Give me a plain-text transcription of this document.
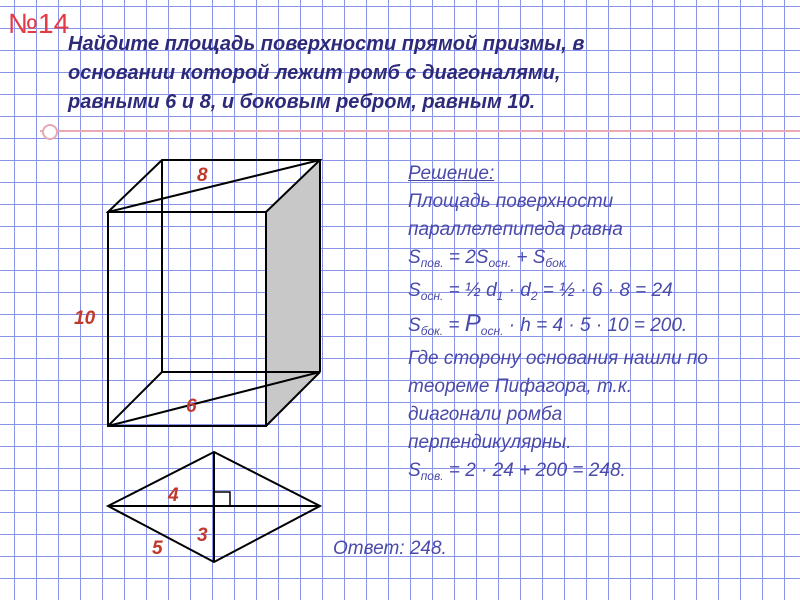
№14
Найдите площадь поверхности прямой призмы, в
основании которой лежит ромб с диагоналями,
равными 6 и 8, и боковым ребром, равным 10.
8
10
6
4
3
5
Решение:
Площадь поверхности
параллелепипеда равна
$S_{пов.} = 2S_{осн.} + S_{бок.}$
$S_{осн.}$ = ½ $d_1 \cdot d_2$ = ½ · 6 · 8 = 24
$S_{бок.} = P_{осн.} \cdot h = 4 \cdot 5 \cdot 10 = 200$.
Где сторону основания нашли по
теореме Пифагора, т.к.
диагонали ромба
перпендикулярны.
$S_{пов.} = 2 \cdot 24 + 200 = 248$.
Ответ: 248.
